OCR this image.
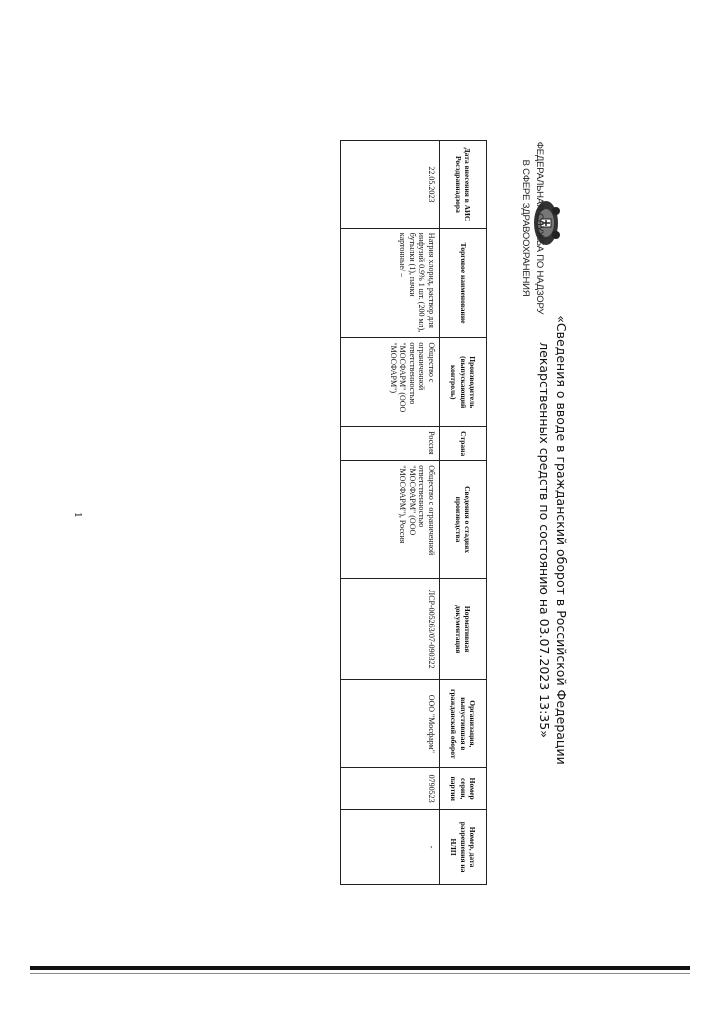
ФЕДЕРАЛЬНАЯ СЛУЖБА ПО НАДЗОРУ
В СФЕРЕ ЗДРАВООХРАНЕНИЯ
«Сведения о вводе в гражданский оборот в Российской Федерации
лекарственных средств по состоянию на 03.07.2023 13:35»
Дата внесения в АИС Росздравнадзора	Торговое наименование	Производитель (выпускающий контроль)	Страна	Сведения о стадиях производства	Нормативная документация	Организация, выпустившая в гражданский оборот	Номер серии, партии	Номер, дата разрешения на НЛП
22.05.2023	Натрия хлорид, раствор для инфузий 0.9% 1 шт. (200 мл), бутылки (1), пачки картонные/ –	Общество с ограниченной ответственностью "МОСФАРМ" (ООО "МОСФАРМ")	Россия	Общество с ограниченной ответственностью "МОСФАРМ" (ООО "МОСФАРМ"), Россия	ЛСР-005263/07-090322	ООО "Мосфарм"	0790523	-
1
